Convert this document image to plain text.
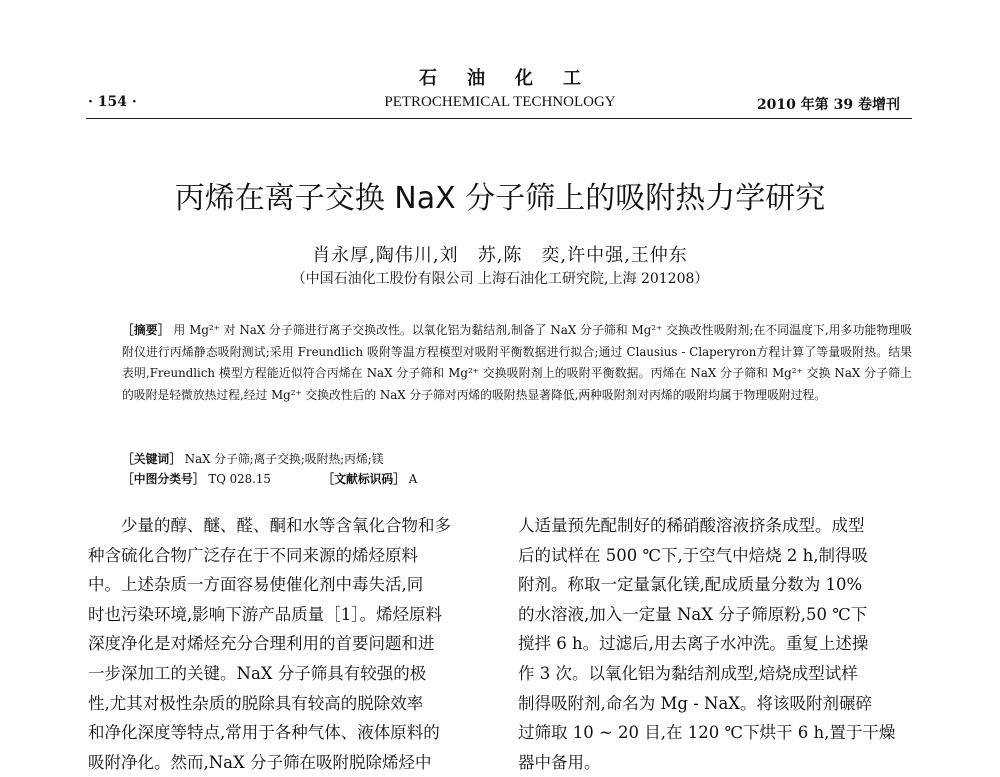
石油化工
· 154 ·	PETROCHEMICAL TECHNOLOGY	2010 年第 39 卷增刊
丙烯在离子交换 NaX 分子筛上的吸附热力学研究
肖永厚,陶伟川,刘　苏,陈　奕,许中强,王仲东
（中国石油化工股份有限公司 上海石油化工研究院,上海 201208）
［摘要］ 用 Mg²⁺ 对 NaX 分子筛进行离子交换改性。以氧化铝为黏结剂,制备了 NaX 分子筛和 Mg²⁺ 交换改性吸附剂;在不同温度下,用多功能物理吸附仪进行丙烯静态吸附测试;采用 Freundlich 吸附等温方程模型对吸附平衡数据进行拟合;通过 Clausius - Claperyron方程计算了等量吸附热。结果表明,Freundlich 模型方程能近似符合丙烯在 NaX 分子筛和 Mg²⁺ 交换吸附剂上的吸附平衡数据。丙烯在 NaX 分子筛和 Mg²⁺ 交换 NaX 分子筛上的吸附是轻微放热过程,经过 Mg²⁺ 交换改性后的 NaX 分子筛对丙烯的吸附热显著降低,两种吸附剂对丙烯的吸附均属于物理吸附过程。
［关键词］ NaX 分子筛;离子交换;吸附热;丙烯;镁
［中图分类号］ TQ 028.15	［文献标识码］ A
少量的醇、醚、醛、酮和水等含氧化合物和多
种含硫化合物广泛存在于不同来源的烯烃原料
中。上述杂质一方面容易使催化剂中毒失活,同
时也污染环境,影响下游产品质量［1］。烯烃原料
深度净化是对烯烃充分合理利用的首要问题和进
一步深加工的关键。NaX 分子筛具有较强的极
性,尤其对极性杂质的脱除具有较高的脱除效率
和净化深度等特点,常用于各种气体、液体原料的
吸附净化。然而,NaX 分子筛在吸附脱除烯烃中
人适量预先配制好的稀硝酸溶液挤条成型。成型
后的试样在 500 ℃下,于空气中焙烧 2 h,制得吸
附剂。称取一定量氯化镁,配成质量分数为 10%
的水溶液,加入一定量 NaX 分子筛原粉,50 ℃下
搅拌 6 h。过滤后,用去离子水冲洗。重复上述操
作 3 次。以氧化铝为黏结剂成型,焙烧成型试样
制得吸附剂,命名为 Mg - NaX。将该吸附剂碾碎
过筛取 10 ~ 20 目,在 120 ℃下烘干 6 h,置于干燥
器中备用。
